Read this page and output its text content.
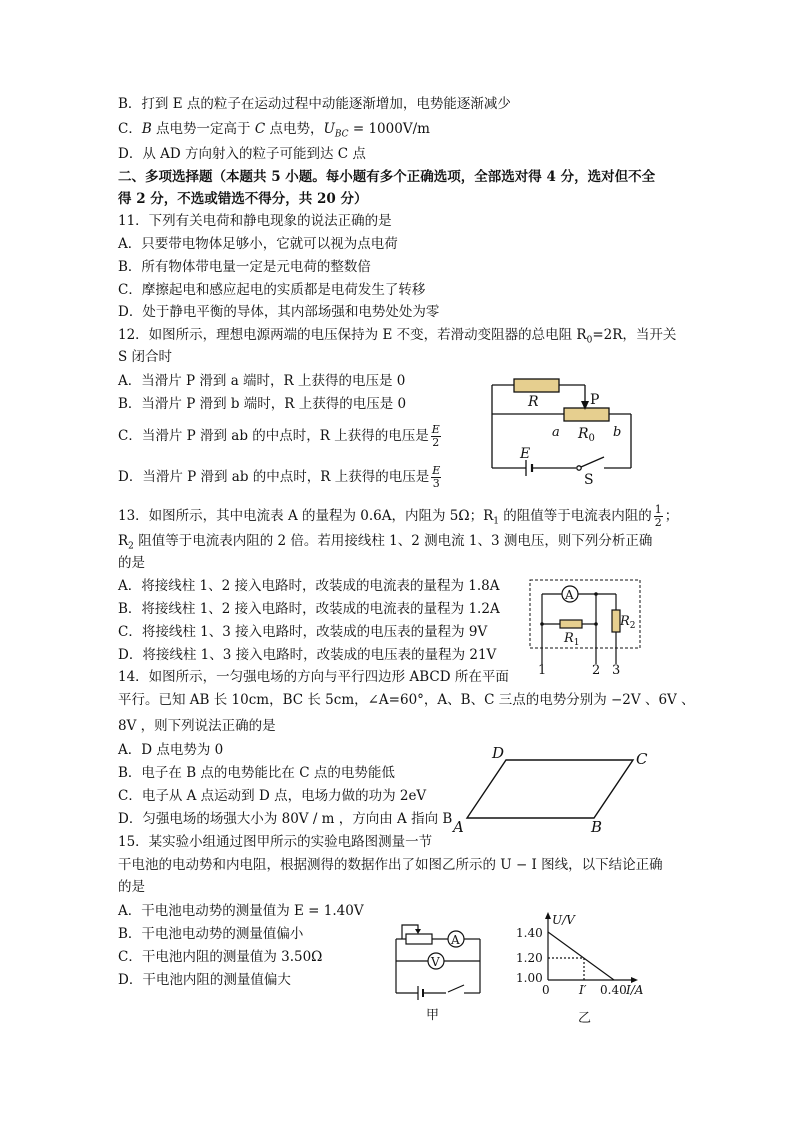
B．打到 E 点的粒子在运动过程中动能逐渐增加，电势能逐渐减少
C．B 点电势一定高于 C 点电势，$U_{BC} = 1000V/m$
D．从 AD 方向射入的粒子可能到达 C 点
二、多项选择题（本题共 5 小题。每小题有多个正确选项，全部选对得 4 分，选对但不全
得 2 分，不选或错选不得分，共 20 分）
11．下列有关电荷和静电现象的说法正确的是
A．只要带电物体足够小，它就可以视为点电荷
B．所有物体带电量一定是元电荷的整数倍
C．摩擦起电和感应起电的实质都是电荷发生了转移
D．处于静电平衡的导体，其内部场强和电势处处为零
12．如图所示，理想电源两端的电压保持为 E 不变，若滑动变阻器的总电阻 $R_0=2R$，当开关
S 闭合时
A．当滑片 P 滑到 a 端时，R 上获得的电压是 0
B．当滑片 P 滑到 b 端时，R 上获得的电压是 0
C．当滑片 P 滑到 ab 的中点时，R 上获得的电压是 $\frac{E}{2}$
D．当滑片 P 滑到 ab 的中点时，R 上获得的电压是 $\frac{E}{3}$
R	P
a $R_0$ b
E
S
13．如图所示，其中电流表 A 的量程为 0.6A，内阻为 5Ω；$R_1$ 的阻值等于电流表内阻的 $\frac{1}{2}$ ；
$R_2$ 阻值等于电流表内阻的 2 倍。若用接线柱 1、2 测电流 1、3 测电压，则下列分析正确
的是
A．将接线柱 1、2 接入电路时，改装成的电流表的量程为 1.8A
B．将接线柱 1、2 接入电路时，改装成的电流表的量程为 1.2A
C．将接线柱 1、3 接入电路时，改装成的电压表的量程为 9V
D．将接线柱 1、3 接入电路时，改装成的电压表的量程为 21V
A
$R_1$
$R_2$
1	2 3
14．如图所示，一匀强电场的方向与平行四边形 ABCD 所在平面
平行。已知 AB 长 10cm，BC 长 5cm，∠A=60°，A、B、C 三点的电势分别为 −2V 、6V 、
8V ，则下列说法正确的是
A．D 点电势为 0
B．电子在 B 点的电势能比在 C 点的电势能低
C．电子从 A 点运动到 D 点，电场力做的功为 2eV
D．匀强电场的场强大小为 80V / m ，方向由 A 指向 B A	B
C
D
15．某实验小组通过图甲所示的实验电路图测量一节
干电池的电动势和内电阻，根据测得的数据作出了如图乙所示的 U − I 图线，以下结论正确
的是
A．干电池电动势的测量值为 E = 1.40V
B．干电池电动势的测量值偏小
C．干电池内阻的测量值为 3.50Ω
D．干电池内阻的测量值偏大
A
V
甲
U/V
1.40
1.20
1.00
0 I′ 0.40 I/A
乙
